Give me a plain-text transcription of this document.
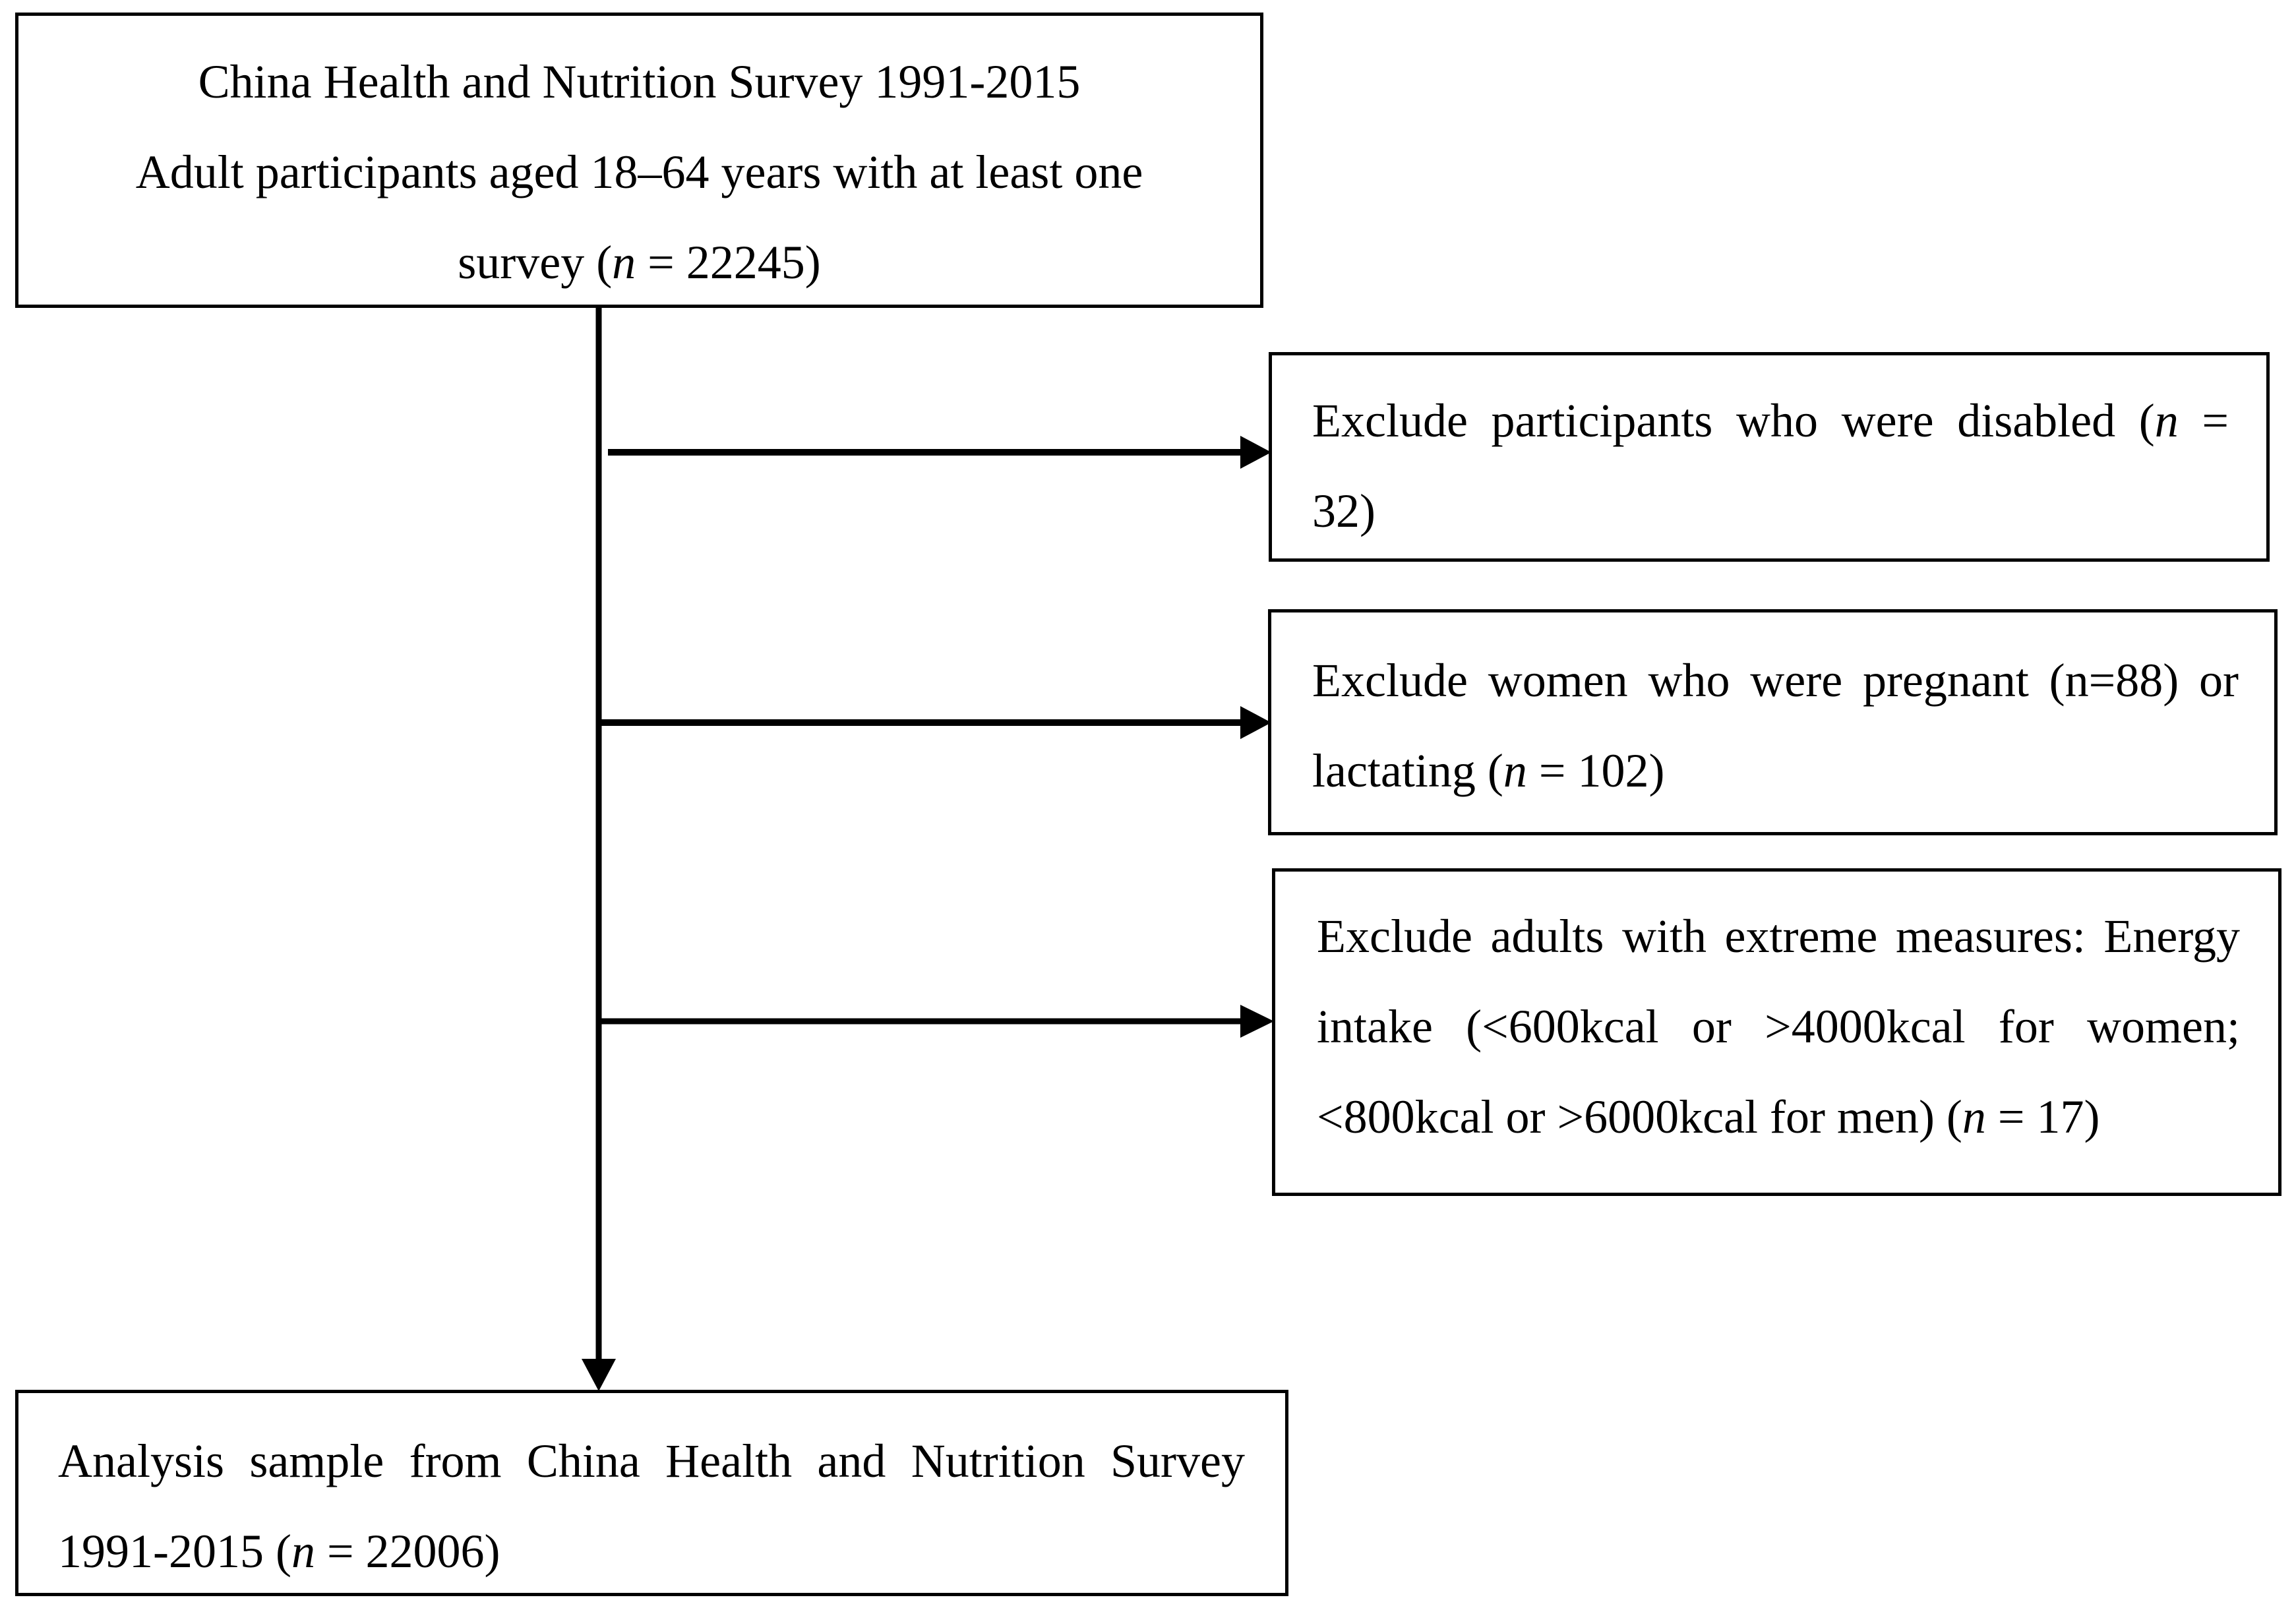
China Health and Nutrition Survey 1991-2015
Adult participants aged 18–64 years with at least one
survey (n = 22245)
Exclude participants who were disabled (n = 32)
Exclude women who were pregnant (n=88) or lactating (n = 102)
Exclude adults with extreme measures: Energy intake (<600kcal or >4000kcal for women; <800kcal or >6000kcal for men) (n = 17)
Analysis sample from China Health and Nutrition Survey 1991-2015 (n = 22006)
